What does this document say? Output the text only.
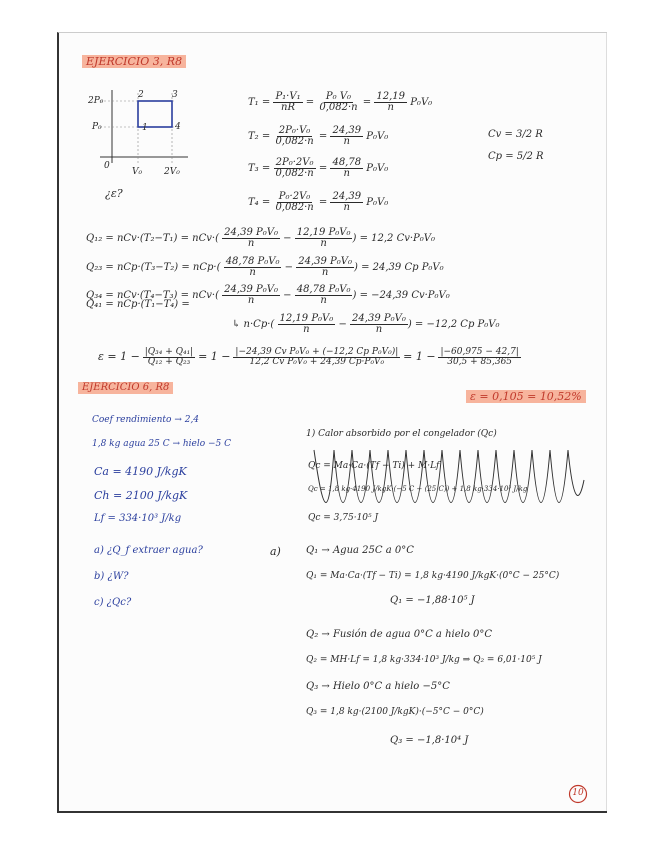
EJERCICIO 3, R8
2P₀
P₀
0
V₀ 2V₀
2	3
1	4
¿ε?
$T_1 = \frac{\text{P₁·V₁}}{nR} = \frac{\text{P₀ V₀}}{0,082\cdot n} = \frac{12,19}{n} P_0V_0$
$T_2 = \frac{\text{2P₀·V₀}}{0,082\cdot n} = \frac{24,39}{n} P_0V_0$
$T_3 = \frac{\text{2P₀·2V₀}}{0,082\cdot n} = \frac{48,78}{n} P_0V_0$
$T_4 = \frac{\text{P₀·2V₀}}{0,082\cdot n} = \frac{24,39}{n} P_0V_0$
Cv = 3/2 R
Cp = 5/2 R
$Q_{12} = nCv\cdot(T_2-T_1) = nCv\cdot( \frac{\text{24,39 P₀V₀}}{n} - \frac{\text{12,19 P₀V₀}}{n}$ ) = 12,2 Cv·P₀V₀
$Q_{23} = nCp\cdot(T_3-T_2) = nCp\cdot( \frac{\text{48,78 P₀V₀}}{n} - \frac{\text{24,39 P₀V₀}}{n}$ ) = 24,39 Cp P₀V₀
$Q_{34} = nCv\cdot(T_4-T_3) = nCv\cdot( \frac{\text{24,39 P₀V₀}}{n} - \frac{\text{48,78 P₀V₀}}{n}$ ) = −24,39 Cv·P₀V₀
Q₄₁ = nCp·(T₁−T₄) =
↳ $n\cdot Cp\cdot( \frac{\text{12,19 P₀V₀}}{n} - \frac{\text{24,39 P₀V₀}}{n}$ ) = −12,2 Cp P₀V₀
$\varepsilon = 1 - \frac{\text{|Q₃₄ + Q₄₁|}}{\text{Q₁₂ + Q₂₃}} = 1 - \frac{\text{|−24,39 Cv P₀V₀ + (−12,2 Cp P₀V₀)|}}{\text{12,2 Cv P₀V₀ + 24,39 Cp·P₀V₀}} = 1 - \frac{|-60,975 - 42,7|}{30,5 + 85,365}$
EJERCICIO 6, R8
ε = 0,105 = 10,52%
Coef rendimiento → 2,4
1,8 kg agua 25 C → hielo −5 C
Ca = 4190 J/kgK
Ch = 2100 J/kgK
Lf = 334·10³ J/kg
a) ¿Q_f extraer agua?
b) ¿W?
c) ¿Qc?
1) Calor absorbido por el congelador (Qc)
Qc = Ma·Ca·(Tf − Ti) + M·Lf
Qc = 1,8 kg·4190 J/kgK·(−5 C − (25 C)) + 1,8 kg·334·10³ J/kg
Qc = 3,75·10⁵ J
a)	Q₁ → Agua 25C a 0°C
Q₁ = Ma·Ca·(Tf − Ti) = 1,8 kg·4190 J/kgK·(0°C − 25°C)
Q₁ = −1,88·10⁵ J
Q₂ → Fusión de agua 0°C a hielo 0°C
Q₂ = MH·Lf = 1,8 kg·334·10³ J/kg ⇒ Q₂ = 6,01·10⁵ J
Q₃ → Hielo 0°C a hielo −5°C
Q₃ = 1,8 kg·(2100 J/kgK)·(−5°C − 0°C)
Q₃ = −1,8·10⁴ J
10
